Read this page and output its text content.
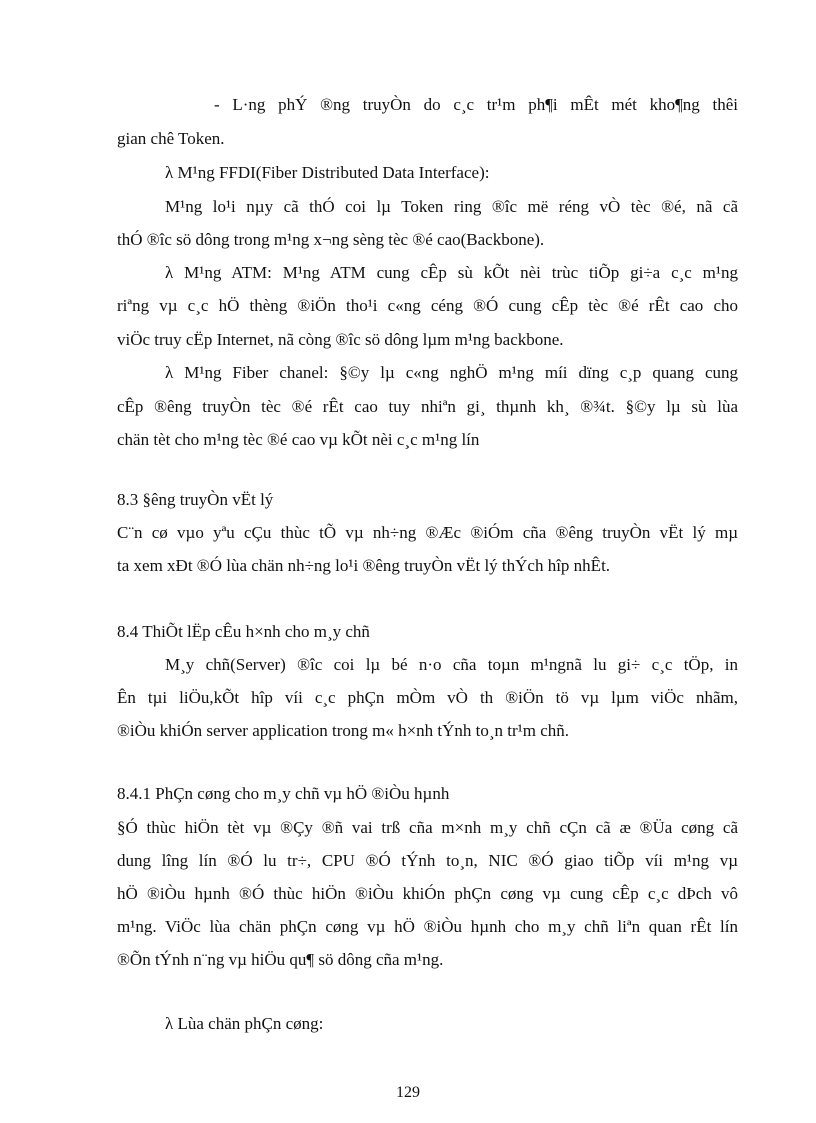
- L·ng phÝ ®ng truyÒn do c¸c tr¹m ph¶i mÊt mét kho¶ng thêi
gian chê Token.
λ M¹ng FFDI(Fiber Distributed Data Interface):
M¹ng lo¹i nµy cã thÓ coi lµ Token ring ®îc më réng vÒ tèc ®é, nã cã
thÓ ®îc sö dông trong m¹ng x¬ng sèng tèc ®é cao(Backbone).
λ M¹ng ATM: M¹ng ATM cung cÊp sù kÕt nèi trùc tiÕp gi÷a c¸c m¹ng
riªng vµ c¸c hÖ thèng ®iÖn tho¹i c«ng céng ®Ó cung cÊp tèc ®é rÊt cao cho
viÖc truy cËp Internet, nã còng ®îc sö dông lµm m¹ng backbone.
λ M¹ng Fiber chanel: §©y lµ c«ng nghÖ m¹ng míi dïng c¸p quang cung
cÊp ®êng truyÒn tèc ®é rÊt cao tuy nhiªn gi¸ thµnh kh¸ ®¾t. §©y lµ sù lùa
chän tèt cho m¹ng tèc ®é cao vµ kÕt nèi c¸c m¹ng lín
8.3 §êng truyÒn vËt lý
C¨n cø vµo yªu cÇu thùc tÕ vµ nh÷ng ®Æc ®iÓm cña ®êng truyÒn vËt lý mµ
ta xem xÐt ®Ó lùa chän nh÷ng lo¹i ®êng truyÒn vËt lý thÝch hîp nhÊt.
8.4 ThiÕt lËp cÊu h×nh cho m¸y chñ
M¸y chñ(Server) ®îc coi lµ bé n·o cña toµn m¹ngnã lu gi÷ c¸c tÖp, in
Ên tµi liÖu,kÕt hîp víi c¸c phÇn mÒm vÒ th ®iÖn tö vµ lµm viÖc nhãm,
®iÒu khiÓn server application trong m« h×nh tÝnh to¸n tr¹m chñ.
8.4.1 PhÇn cøng cho m¸y chñ vµ hÖ ®iÒu hµnh
§Ó thùc hiÖn tèt vµ ®Çy ®ñ vai trß cña m×nh m¸y chñ cÇn cã æ ®Üa cøng cã
dung lîng lín ®Ó lu tr÷, CPU ®Ó tÝnh to¸n, NIC ®Ó giao tiÕp víi m¹ng vµ
hÖ ®iÒu hµnh ®Ó thùc hiÖn ®iÒu khiÓn phÇn cøng vµ cung cÊp c¸c dÞch vô
m¹ng. ViÖc lùa chän phÇn cøng vµ hÖ ®iÒu hµnh cho m¸y chñ liªn quan rÊt lín
®Õn tÝnh n¨ng vµ hiÖu qu¶ sö dông cña m¹ng.
λ Lùa chän phÇn cøng:
129
